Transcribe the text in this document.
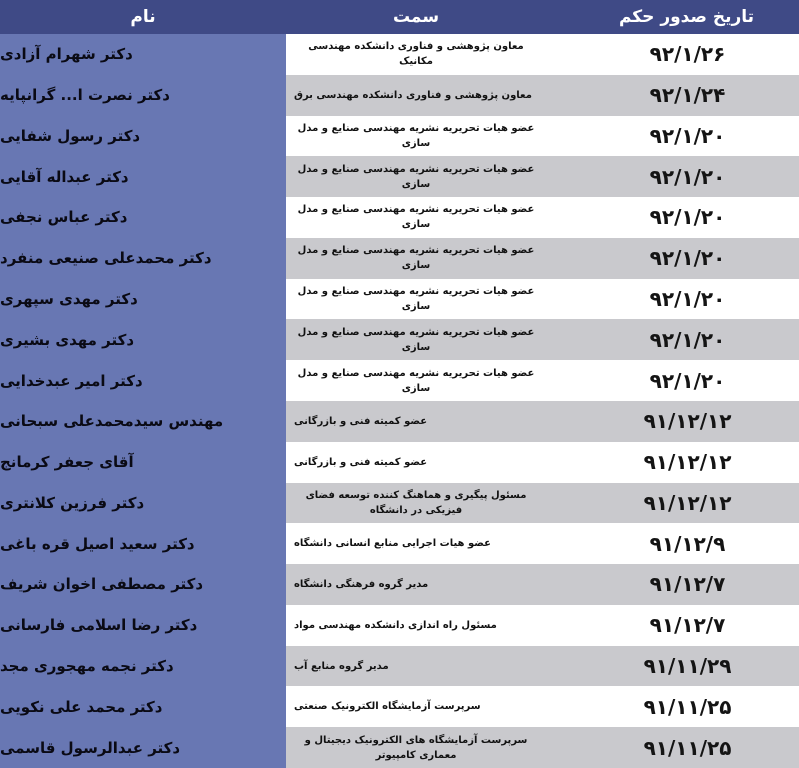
تاریخ صدور حکم
سمت
نام
دکتر شهرام آزادی
دکتر نصرت ا... گرانپایه
دکتر رسول شفایی
دکتر عبداله آقایی
دکتر عباس نجفی
دکتر محمدعلی صنیعی منفرد
دکتر مهدی سپهری
دکتر مهدی بشیری
دکتر امیر عبدخدایی
مهندس سیدمحمدعلی سبحانی
آقای جعفر کرمانج
دکتر فرزین کلانتری
دکتر سعید اصیل قره باغی
دکتر مصطفی اخوان شریف
دکتر رضا اسلامی فارسانی
دکتر نجمه مهجوری مجد
دکتر محمد علی نکویی
دکتر عبدالرسول قاسمی
معاون پژوهشی و فناوری دانشکده مهندسی مکانیک
معاون پژوهشی و فناوری دانشکده مهندسی برق
عضو هیات تحریریه نشریه مهندسی صنایع و مدل سازی
عضو هیات تحریریه نشریه مهندسی صنایع و مدل سازی
عضو هیات تحریریه نشریه مهندسی صنایع و مدل سازی
عضو هیات تحریریه نشریه مهندسی صنایع و مدل سازی
عضو هیات تحریریه نشریه مهندسی صنایع و مدل سازی
عضو هیات تحریریه نشریه مهندسی صنایع و مدل سازی
عضو هیات تحریریه نشریه مهندسی صنایع و مدل سازی
عضو کمیته فنی و بازرگانی
عضو کمیته فنی و بازرگانی
مسئول پیگیری و هماهنگ کننده توسعه فضای فیزیکی در دانشگاه
عضو هیات اجرایی منابع انسانی دانشگاه
مدیر گروه فرهنگی دانشگاه
مسئول راه اندازی دانشکده مهندسی مواد
مدیر گروه منابع آب
سرپرست آزمایشگاه الکترونیک صنعتی
سرپرست آزمایشگاه های الکترونیک دیجیتال و معماری کامپیوتر
۹۲/۱/۲۶
۹۲/۱/۲۴
۹۲/۱/۲۰
۹۲/۱/۲۰
۹۲/۱/۲۰
۹۲/۱/۲۰
۹۲/۱/۲۰
۹۲/۱/۲۰
۹۲/۱/۲۰
۹۱/۱۲/۱۲
۹۱/۱۲/۱۲
۹۱/۱۲/۱۲
۹۱/۱۲/۹
۹۱/۱۲/۷
۹۱/۱۲/۷
۹۱/۱۱/۲۹
۹۱/۱۱/۲۵
۹۱/۱۱/۲۵
